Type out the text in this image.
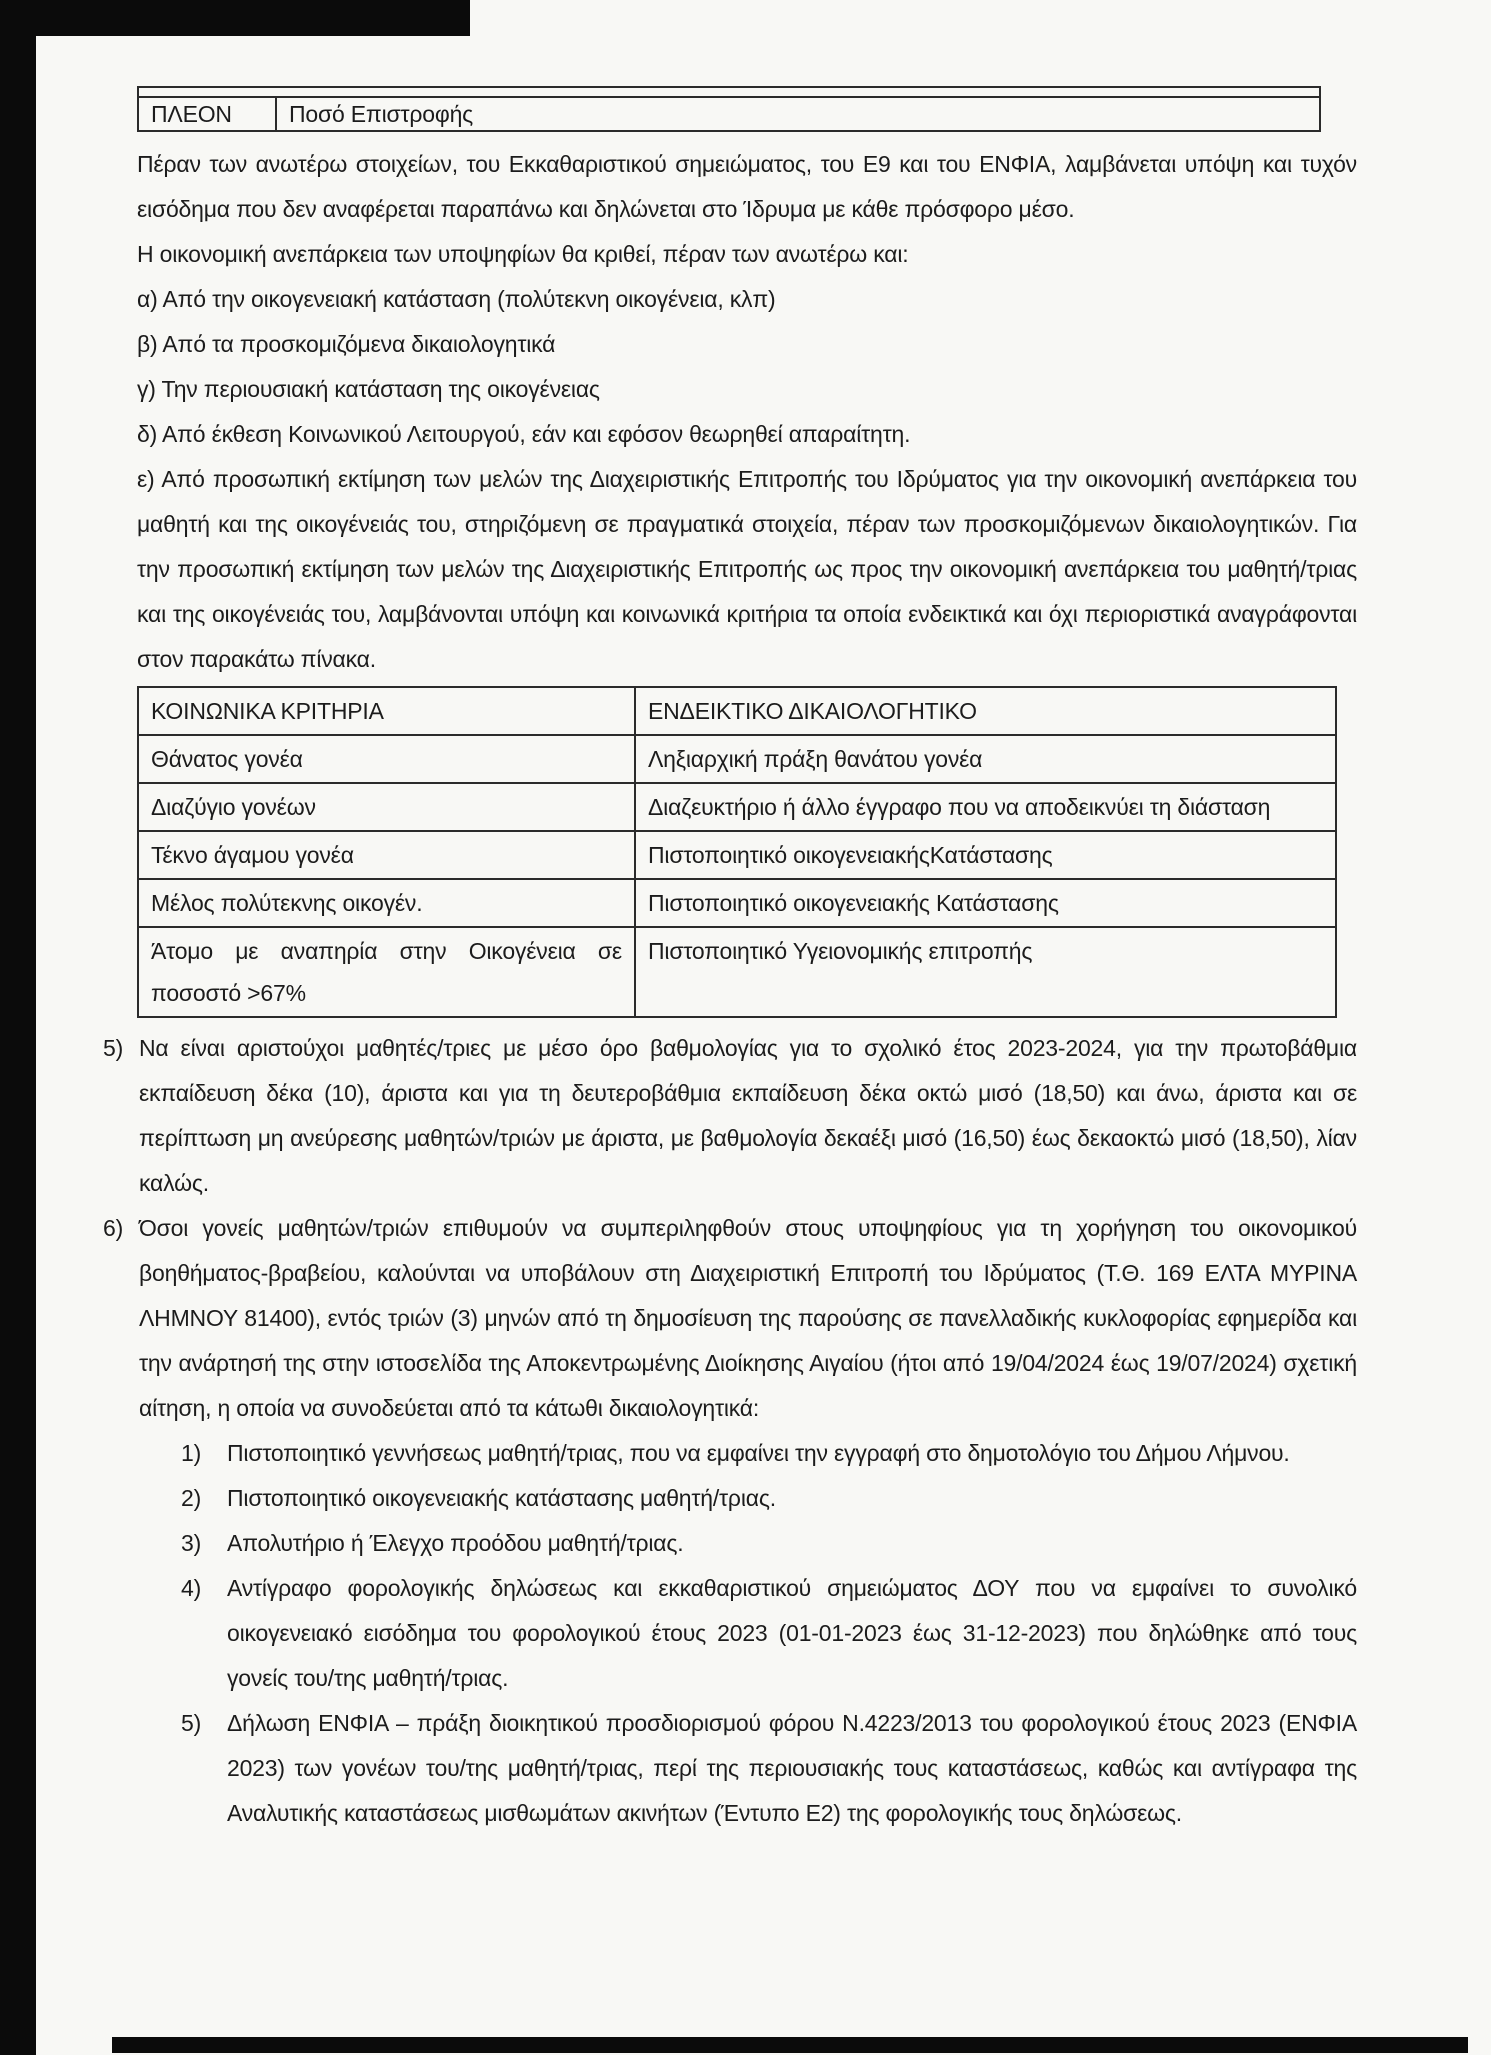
ΠΛΕΟΝ	Ποσό Επιστροφής

Πέραν των ανωτέρω στοιχείων, του Εκκαθαριστικού σημειώματος, του Ε9 και του ΕΝΦΙΑ, λαμβάνεται υπόψη και τυχόν εισόδημα που δεν αναφέρεται παραπάνω και δηλώνεται στο Ίδρυμα με κάθε πρόσφορο μέσο.

Η οικονομική ανεπάρκεια των υποψηφίων θα κριθεί, πέραν των ανωτέρω και:

α) Από την οικογενειακή κατάσταση (πολύτεκνη οικογένεια, κλπ)

β) Από τα προσκομιζόμενα δικαιολογητικά

γ) Την περιουσιακή κατάσταση της οικογένειας

δ) Από έκθεση Κοινωνικού Λειτουργού, εάν και εφόσον θεωρηθεί απαραίτητη.

ε) Από προσωπική εκτίμηση των μελών της Διαχειριστικής Επιτροπής του Ιδρύματος για την οικονομική ανεπάρκεια του μαθητή και της οικογένειάς του, στηριζόμενη σε πραγματικά στοιχεία, πέραν των προσκομιζόμενων δικαιολογητικών. Για την προσωπική εκτίμηση των μελών της Διαχειριστικής Επιτροπής ως προς την οικονομική ανεπάρκεια του μαθητή/τριας και της οικογένειάς του, λαμβάνονται υπόψη και κοινωνικά κριτήρια τα οποία ενδεικτικά και όχι περιοριστικά αναγράφονται στον παρακάτω πίνακα.

ΚΟΙΝΩΝΙΚΑ ΚΡΙΤΗΡΙΑ	ΕΝΔΕΙΚΤΙΚΟ ΔΙΚΑΙΟΛΟΓΗΤΙΚΟ
Θάνατος γονέα	Ληξιαρχική πράξη θανάτου γονέα
Διαζύγιο γονέων	Διαζευκτήριο ή άλλο έγγραφο που να αποδεικνύει τη διάσταση
Τέκνο άγαμου γονέα	Πιστοποιητικό οικογενειακήςΚατάστασης
Μέλος πολύτεκνης οικογέν.	Πιστοποιητικό οικογενειακής Κατάστασης
Άτομο με αναπηρία στην Οικογένεια σε ποσοστό >67%	Πιστοποιητικό Υγειονομικής επιτροπής
5) Να είναι αριστούχοι μαθητές/τριες με μέσο όρο βαθμολογίας για το σχολικό έτος 2023-2024, για την πρωτοβάθμια εκπαίδευση δέκα (10), άριστα και για τη δευτεροβάθμια εκπαίδευση δέκα οκτώ μισό (18,50) και άνω, άριστα και σε περίπτωση μη ανεύρεσης μαθητών/τριών με άριστα, με βαθμολογία δεκαέξι μισό (16,50) έως δεκαοκτώ μισό (18,50), λίαν καλώς.
6) Όσοι γονείς μαθητών/τριών επιθυμούν να συμπεριληφθούν στους υποψηφίους για τη χορήγηση του οικονομικού βοηθήματος-βραβείου, καλούνται να υποβάλουν στη Διαχειριστική Επιτροπή του Ιδρύματος (Τ.Θ. 169 ΕΛΤΑ ΜΥΡΙΝΑ ΛΗΜΝΟΥ 81400), εντός τριών (3) μηνών από τη δημοσίευση της παρούσης σε πανελλαδικής κυκλοφορίας εφημερίδα και την ανάρτησή της στην ιστοσελίδα της Αποκεντρωμένης Διοίκησης Αιγαίου (ήτοι από 19/04/2024 έως 19/07/2024) σχετική αίτηση, η οποία να συνοδεύεται από τα κάτωθι δικαιολογητικά:
1)	Πιστοποιητικό γεννήσεως μαθητή/τριας, που να εμφαίνει την εγγραφή στο δημοτολόγιο του Δήμου Λήμνου.
2)	Πιστοποιητικό οικογενειακής κατάστασης μαθητή/τριας.
3)	Απολυτήριο ή Έλεγχο προόδου μαθητή/τριας.
4)	Αντίγραφο φορολογικής δηλώσεως και εκκαθαριστικού σημειώματος ΔΟΥ που να εμφαίνει το συνολικό οικογενειακό εισόδημα του φορολογικού έτους 2023 (01-01-2023 έως 31-12-2023) που δηλώθηκε από τους γονείς του/της μαθητή/τριας.
5)	Δήλωση ΕΝΦΙΑ – πράξη διοικητικού προσδιορισμού φόρου Ν.4223/2013 του φορολογικού έτους 2023 (ΕΝΦΙΑ 2023) των γονέων του/της μαθητή/τριας, περί της περιουσιακής τους καταστάσεως, καθώς και αντίγραφα της Αναλυτικής καταστάσεως μισθωμάτων ακινήτων (Έντυπο Ε2) της φορολογικής τους δηλώσεως.
